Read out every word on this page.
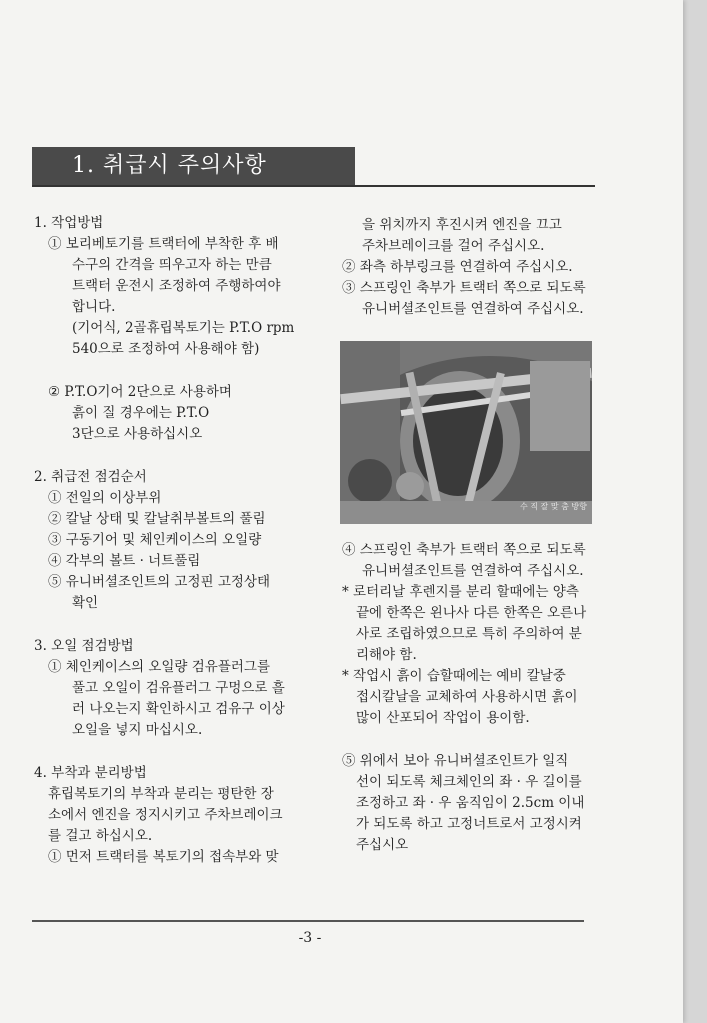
1. 취급시 주의사항

1. 작업방법

① 보리베토기를 트랙터에 부착한 후 배

수구의 간격을 띄우고자 하는 만큼

트랙터 운전시 조정하여 주행하여야

합니다.

(기어식, 2골휴립복토기는 P.T.O rpm

540으로 조정하여 사용해야 함)

② P.T.O기어 2단으로 사용하며

흙이 질 경우에는 P.T.O

3단으로 사용하십시오

2. 취급전 점검순서

① 전일의 이상부위

② 칼날 상태 및 칼날취부볼트의 풀림

③ 구동기어 및 체인케이스의 오일량

④ 각부의 볼트 · 너트풀림

⑤ 유니버셜조인트의 고정핀 고정상태

확인

3. 오일 점검방법

① 체인케이스의 오일량 검유플러그를

풀고 오일이 검유플러그 구멍으로 흘

러 나오는지 확인하시고 검유구 이상

오일을 넣지 마십시오.

4. 부착과 분리방법

휴립복토기의 부착과 분리는 평탄한 장

소에서 엔진을 정지시키고 주차브레이크

를 걸고 하십시오.

① 먼저 트랙터를 복토기의 접속부와 맞

을 위치까지 후진시켜 엔진을 끄고

주차브레이크를 걸어 주십시오.

② 좌측 하부링크를 연결하여 주십시오.

③ 스프링인 축부가 트랙터 쪽으로 되도록

유니버셜조인트를 연결하여 주십시오.

수 직 잘 맞 춤 방향

④ 스프링인 축부가 트랙터 쪽으로 되도록

유니버셜조인트를 연결하여 주십시오.

* 로터리날 후렌지를 분리 할때에는 양측

끝에 한쪽은 왼나사 다른 한쪽은 오른나

사로 조립하였으므로 특히 주의하여 분

리해야 함.

* 작업시 흙이 습할때에는 예비 칼날중

접시칼날을 교체하여 사용하시면 흙이

많이 산포되어 작업이 용이함.

⑤ 위에서 보아 유니버셜조인트가 일직

선이 되도록 체크체인의 좌 · 우 길이를

조정하고 좌 · 우 움직임이 2.5cm 이내

가 되도록 하고 고정너트로서 고정시켜

주십시오

-3 -
